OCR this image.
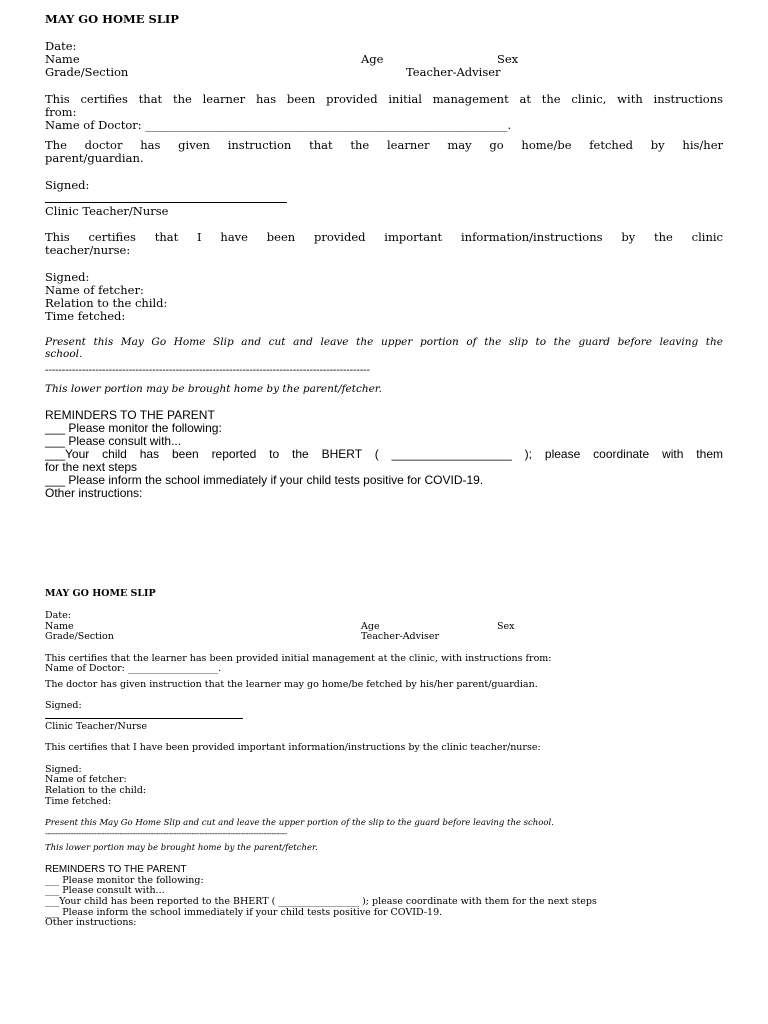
MAY GO HOME SLIP
Date:
Name	Age	Sex
Grade/Section	Teacher-Adviser
This certifies that the learner has been provided initial management at the clinic, with instructions
from:
Name of Doctor: _______________________________________________________________.
The doctor has given instruction that the learner may go home/be fetched by his/her
parent/guardian.
Signed:
Clinic Teacher/Nurse
This certifies that I have been provided important information/instructions by the clinic
teacher/nurse:
Signed:
Name of fetcher:
Relation to the child:
Time fetched:
Present this May Go Home Slip and cut and leave the upper portion of the slip to the guard before leaving the
school.
-------------------------------------------------------------------------------------------------
This lower portion may be brought home by the parent/fetcher.
REMINDERS TO THE PARENT
___ Please monitor the following:
___ Please consult with...
___Your child has been reported to the BHERT ( __________________ ); please coordinate with them
for the next steps
___ Please inform the school immediately if your child tests positive for COVID-19.
Other instructions:
MAY GO HOME SLIP
Date:
Name	Age	Sex
Grade/Section	Teacher-Adviser
This certifies that the learner has been provided initial management at the clinic, with instructions from:
Name of Doctor: ___________________.
The doctor has given instruction that the learner may go home/be fetched by his/her parent/guardian.
Signed:
Clinic Teacher/Nurse
This certifies that I have been provided important information/instructions by the clinic teacher/nurse:
Signed:
Name of fetcher:
Relation to the child:
Time fetched:
Present this May Go Home Slip and cut and leave the upper portion of the slip to the guard before leaving the school.
----------------------------------------------------------------------------------------------
This lower portion may be brought home by the parent/fetcher.
REMINDERS TO THE PARENT
___ Please monitor the following:
___ Please consult with...
___Your child has been reported to the BHERT ( _________________ ); please coordinate with them for the next steps
___ Please inform the school immediately if your child tests positive for COVID-19.
Other instructions:
